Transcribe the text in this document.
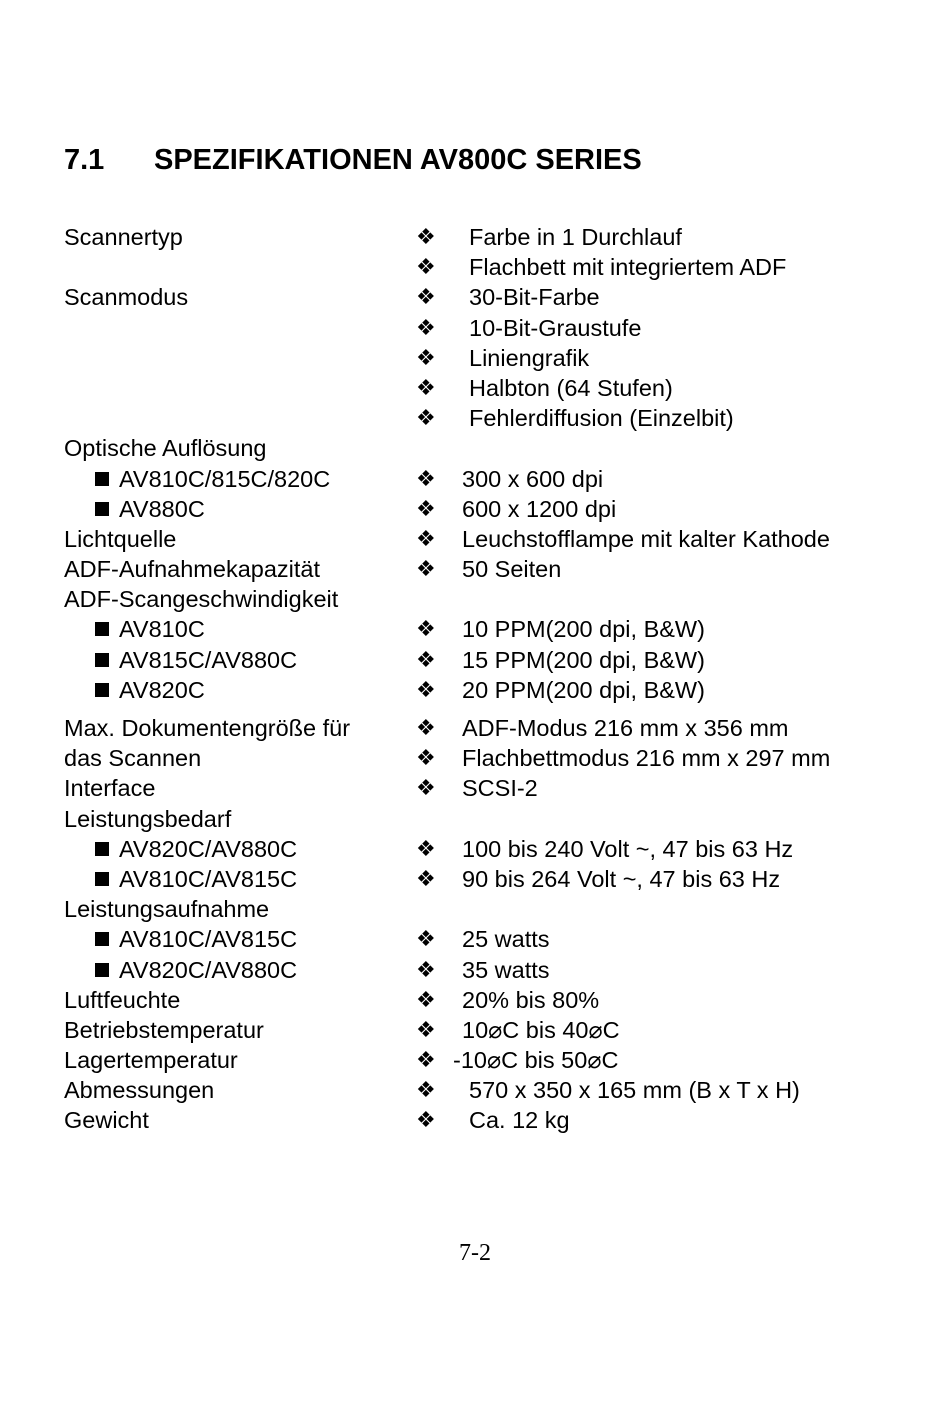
7.1 SPEZIFIKATIONEN AV800C SERIES
Scannertyp	❖ Farbe in 1 Durchlauf
❖ Flachbett mit integriertem ADF
Scanmodus	❖ 30-Bit-Farbe
❖ 10-Bit-Graustufe
❖ Liniengrafik
❖ Halbton (64 Stufen)
❖ Fehlerdiffusion (Einzelbit)
Optische Auflösung
AV810C/815C/820C	❖ 300 x 600 dpi
AV880C	❖ 600 x 1200 dpi
Lichtquelle	❖ Leuchstofflampe mit kalter Kathode
ADF-Aufnahmekapazität	❖ 50 Seiten
ADF-Scangeschwindigkeit
AV810C	❖ 10 PPM(200 dpi, B&W)
AV815C/AV880C	❖ 15 PPM(200 dpi, B&W)
AV820C	❖ 20 PPM(200 dpi, B&W)
Max. Dokumentengröße für	❖ ADF-Modus 216 mm x 356 mm
das Scannen	❖ Flachbettmodus 216 mm x 297 mm
Interface	❖ SCSI-2
Leistungsbedarf
AV820C/AV880C	❖ 100 bis 240 Volt ~, 47 bis 63 Hz
AV810C/AV815C	❖ 90 bis 264 Volt ~, 47 bis 63 Hz
Leistungsaufnahme
AV810C/AV815C	❖ 25 watts
AV820C/AV880C	❖ 35 watts
Luftfeuchte	❖ 20% bis 80%
Betriebstemperatur	❖ 10⌀C bis 40⌀C
Lagertemperatur	❖ -10⌀C bis 50⌀C
Abmessungen	❖ 570 x 350 x 165 mm (B x T x H)
Gewicht	❖ Ca. 12 kg
7-2
